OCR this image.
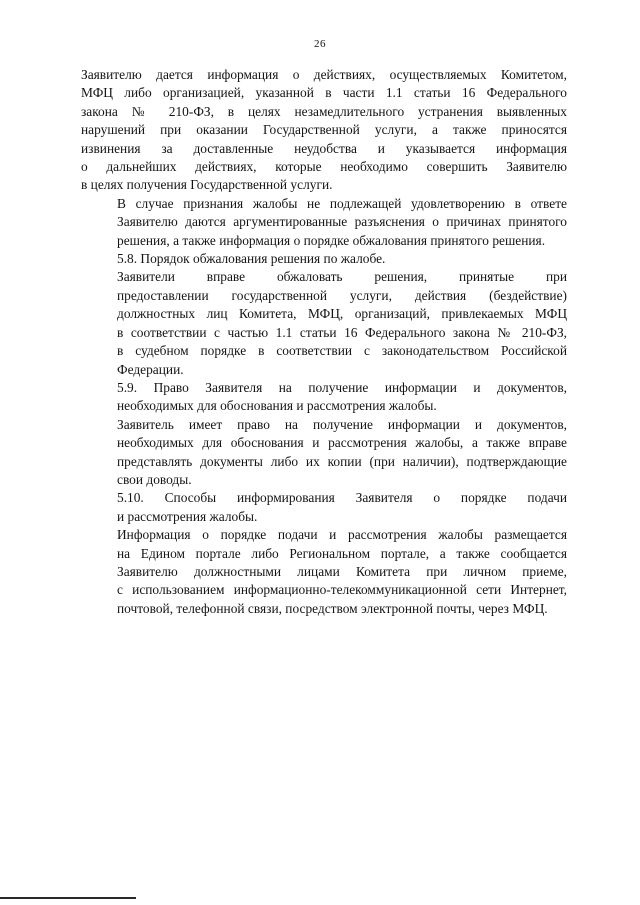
26

Заявителю дается информация о действиях, осуществляемых Комитетом,
МФЦ либо организацией, указанной в части 1.1 статьи 16 Федерального
закона № 210-ФЗ, в целях незамедлительного устранения выявленных
нарушений при оказании Государственной услуги, а также приносятся
извинения за доставленные неудобства и указывается информация
о дальнейших действиях, которые необходимо совершить Заявителю
в целях получения Государственной услуги.

В случае признания жалобы не подлежащей удовлетворению в ответе
Заявителю даются аргументированные разъяснения о причинах принятого
решения, а также информация о порядке обжалования принятого решения.

5.8. Порядок обжалования решения по жалобе.

Заявители вправе обжаловать решения, принятые при
предоставлении государственной услуги, действия (бездействие)
должностных лиц Комитета, МФЦ, организаций, привлекаемых МФЦ
в соответствии с частью 1.1 статьи 16 Федерального закона № 210-ФЗ,
в судебном порядке в соответствии с законодательством Российской
Федерации.

5.9. Право Заявителя на получение информации и документов,
необходимых для обоснования и рассмотрения жалобы.

Заявитель имеет право на получение информации и документов,
необходимых для обоснования и рассмотрения жалобы, а также вправе
представлять документы либо их копии (при наличии), подтверждающие
свои доводы.

5.10. Способы информирования Заявителя о порядке подачи
и рассмотрения жалобы.

Информация о порядке подачи и рассмотрения жалобы размещается
на Едином портале либо Региональном портале, а также сообщается
Заявителю должностными лицами Комитета при личном приеме,
с использованием информационно-телекоммуникационной сети Интернет,
почтовой, телефонной связи, посредством электронной почты, через МФЦ.
